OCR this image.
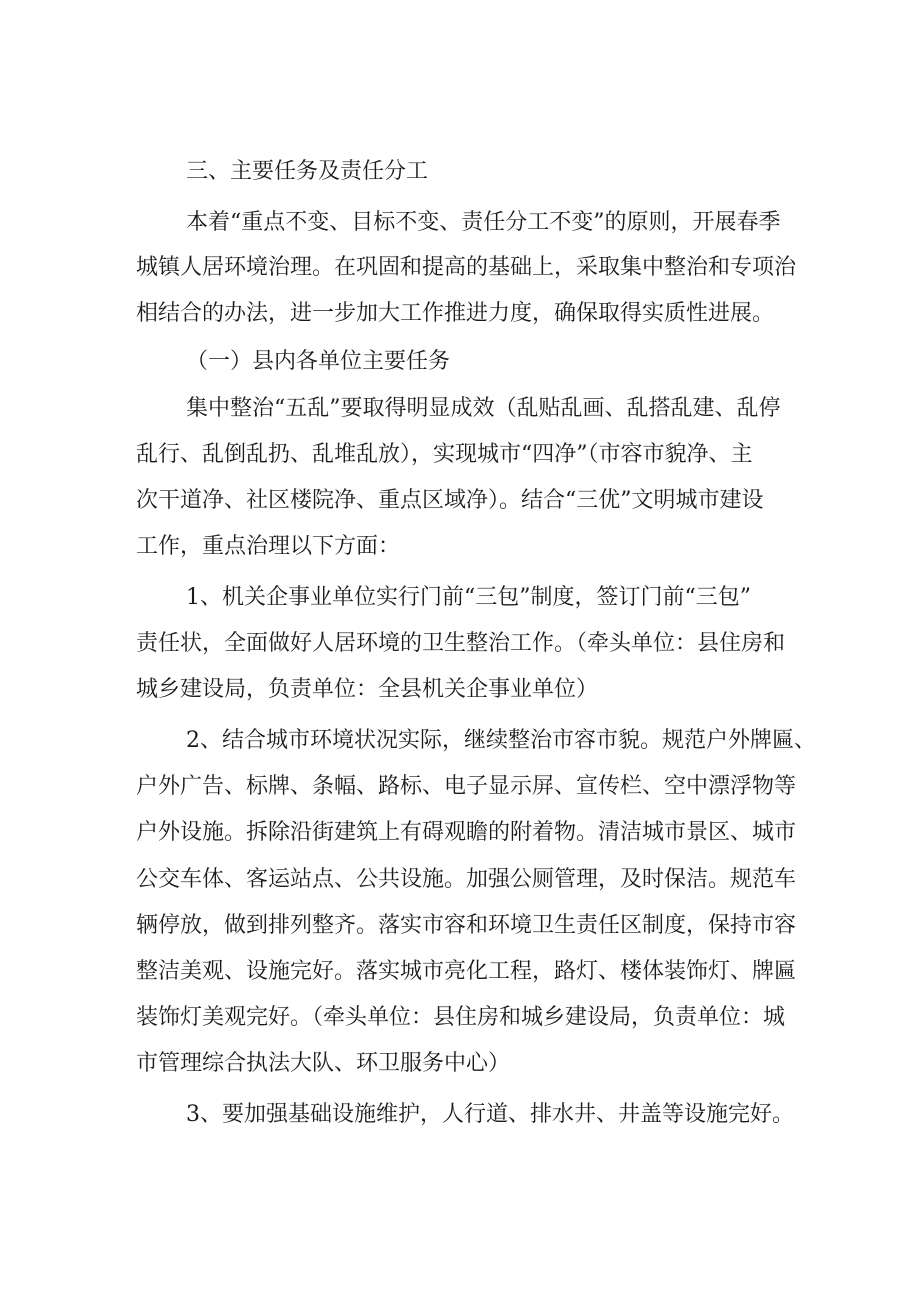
三、主要任务及责任分工
本着“重点不变、目标不变、责任分工不变”的原则，开展春季
城镇人居环境治理。在巩固和提高的基础上，采取集中整治和专项治
相结合的办法，进一步加大工作推进力度，确保取得实质性进展。
（一）县内各单位主要任务
集中整治“五乱”要取得明显成效（乱贴乱画、乱搭乱建、乱停
乱行、乱倒乱扔、乱堆乱放），实现城市“四净”（市容市貌净、主
次干道净、社区楼院净、重点区域净）。结合“三优”文明城市建设
工作，重点治理以下方面：
1、机关企事业单位实行门前“三包”制度，签订门前“三包”
责任状，全面做好人居环境的卫生整治工作。（牵头单位：县住房和
城乡建设局，负责单位：全县机关企事业单位）
2、结合城市环境状况实际，继续整治市容市貌。规范户外牌匾、
户外广告、标牌、条幅、路标、电子显示屏、宣传栏、空中漂浮物等
户外设施。拆除沿街建筑上有碍观瞻的附着物。清洁城市景区、城市
公交车体、客运站点、公共设施。加强公厕管理，及时保洁。规范车
辆停放，做到排列整齐。落实市容和环境卫生责任区制度，保持市容
整洁美观、设施完好。落实城市亮化工程，路灯、楼体装饰灯、牌匾
装饰灯美观完好。（牵头单位：县住房和城乡建设局，负责单位：城
市管理综合执法大队、环卫服务中心）
3、要加强基础设施维护，人行道、排水井、井盖等设施完好。
